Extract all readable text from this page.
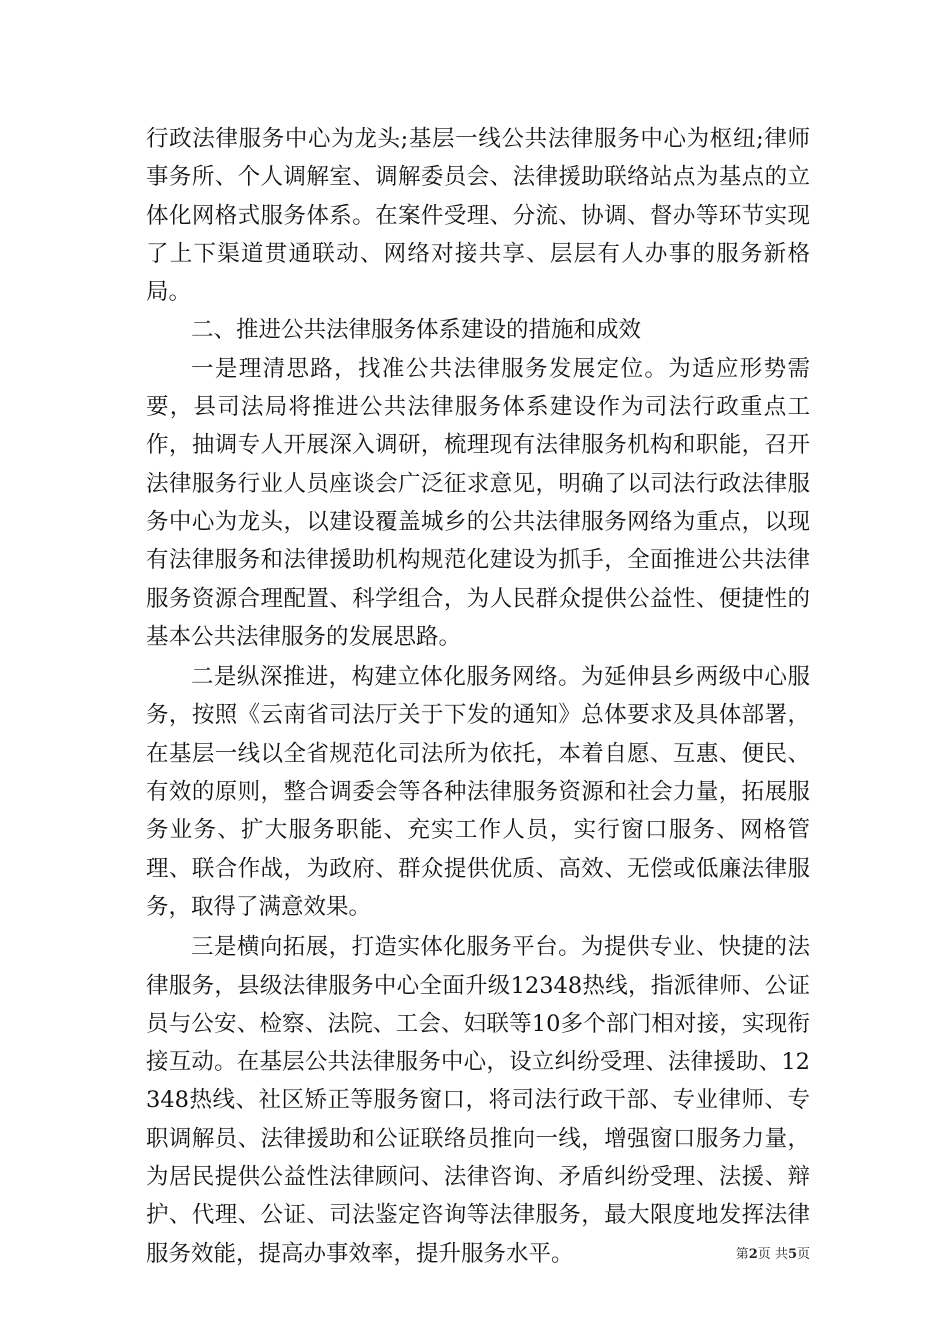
行政法律服务中心为龙头;基层一线公共法律服务中心为枢纽;律师事务所、个人调解室、调解委员会、法律援助联络站点为基点的立体化网格式服务体系。在案件受理、分流、协调、督办等环节实现了上下渠道贯通联动、网络对接共享、层层有人办事的服务新格局。

二、推进公共法律服务体系建设的措施和成效

一是理清思路，找准公共法律服务发展定位。为适应形势需要，县司法局将推进公共法律服务体系建设作为司法行政重点工作，抽调专人开展深入调研，梳理现有法律服务机构和职能，召开法律服务行业人员座谈会广泛征求意见，明确了以司法行政法律服务中心为龙头，以建设覆盖城乡的公共法律服务网络为重点，以现有法律服务和法律援助机构规范化建设为抓手，全面推进公共法律服务资源合理配置、科学组合，为人民群众提供公益性、便捷性的基本公共法律服务的发展思路。

二是纵深推进，构建立体化服务网络。为延伸县乡两级中心服务，按照《云南省司法厅关于下发的通知》总体要求及具体部署，在基层一线以全省规范化司法所为依托，本着自愿、互惠、便民、有效的原则，整合调委会等各种法律服务资源和社会力量，拓展服务业务、扩大服务职能、充实工作人员，实行窗口服务、网格管理、联合作战，为政府、群众提供优质、高效、无偿或低廉法律服务，取得了满意效果。

三是横向拓展，打造实体化服务平台。为提供专业、快捷的法律服务，县级法律服务中心全面升级12348热线，指派律师、公证员与公安、检察、法院、工会、妇联等10多个部门相对接，实现衔接互动。在基层公共法律服务中心，设立纠纷受理、法律援助、12348热线、社区矫正等服务窗口，将司法行政干部、专业律师、专职调解员、法律援助和公证联络员推向一线，增强窗口服务力量，为居民提供公益性法律顾问、法律咨询、矛盾纠纷受理、法援、辩护、代理、公证、司法鉴定咨询等法律服务，最大限度地发挥法律服务效能，提高办事效率，提升服务水平。	第2页 共5页
